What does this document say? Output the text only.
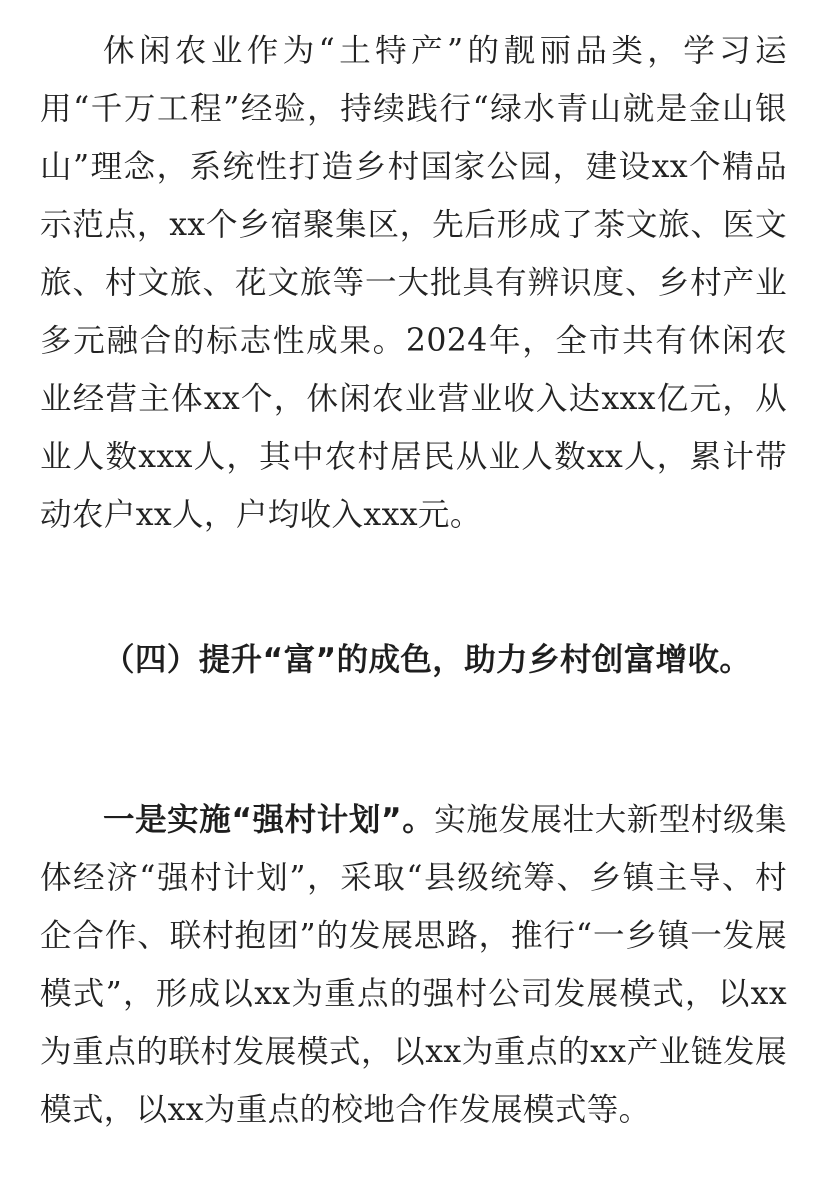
休闲农业作为“土特产”的靓丽品类，学习运用“千万工程”经验，持续践行“绿水青山就是金山银山”理念，系统性打造乡村国家公园，建设xx个精品示范点，xx个乡宿聚集区，先后形成了茶文旅、医文旅、村文旅、花文旅等一大批具有辨识度、乡村产业多元融合的标志性成果。2024年，全市共有休闲农业经营主体xx个，休闲农业营业收入达xxx亿元，从业人数xxx人，其中农村居民从业人数xx人，累计带动农户xx人，户均收入xxx元。

（四）提升“富”的成色，助力乡村创富增收。

一是实施“强村计划”。实施发展壮大新型村级集体经济“强村计划”，采取“县级统筹、乡镇主导、村企合作、联村抱团”的发展思路，推行“一乡镇一发展模式”，形成以xx为重点的强村公司发展模式，以xx为重点的联村发展模式，以xx为重点的xx产业链发展模式，以xx为重点的校地合作发展模式等。
